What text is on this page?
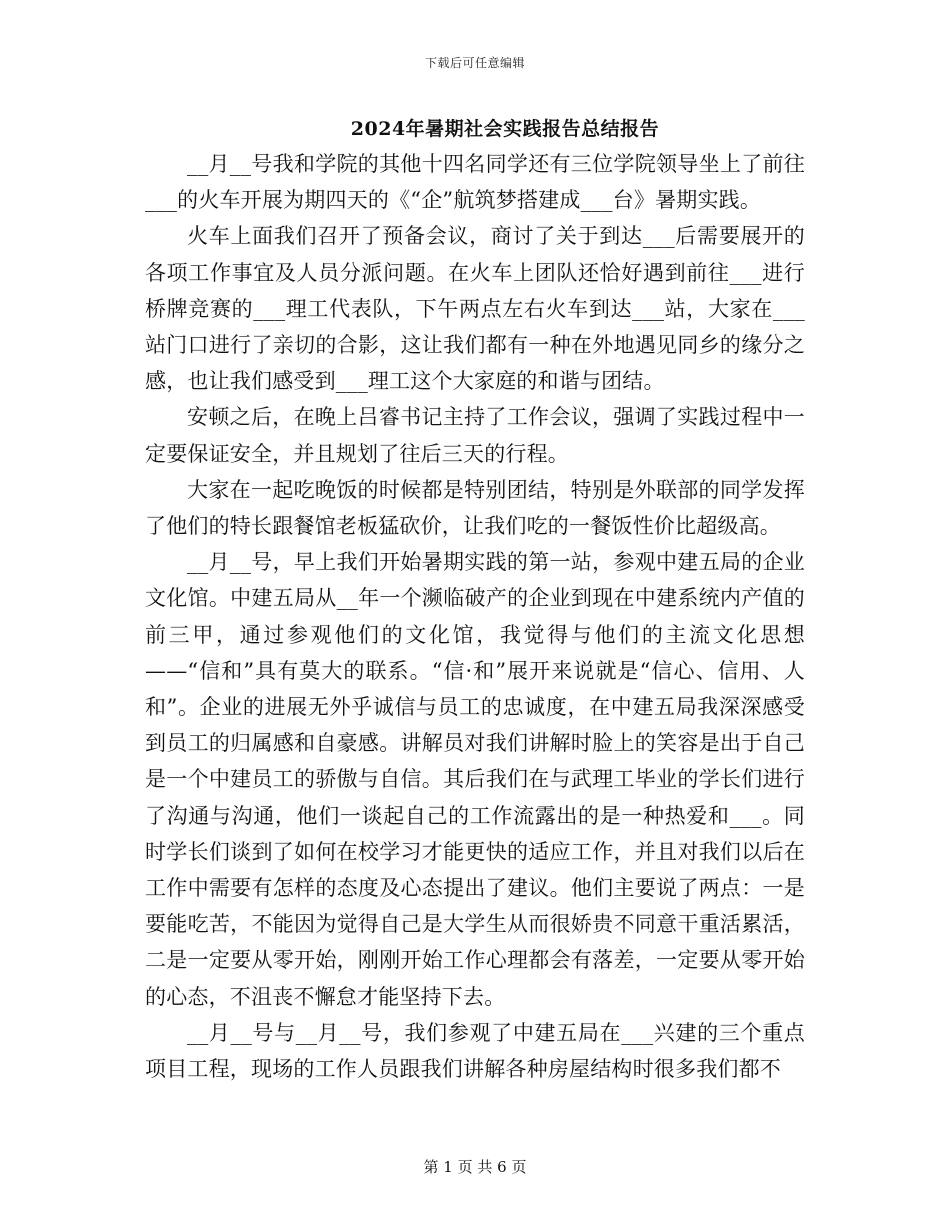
下载后可任意编辑
2024年暑期社会实践报告总结报告

__月__号我和学院的其他十四名同学还有三位学院领导坐上了前往___的火车开展为期四天的《“企”航筑梦搭建成___台》暑期实践。

火车上面我们召开了预备会议，商讨了关于到达___后需要展开的各项工作事宜及人员分派问题。在火车上团队还恰好遇到前往___进行桥牌竞赛的___理工代表队，下午两点左右火车到达___站，大家在___站门口进行了亲切的合影，这让我们都有一种在外地遇见同乡的缘分之感，也让我们感受到___理工这个大家庭的和谐与团结。

安顿之后，在晚上吕睿书记主持了工作会议，强调了实践过程中一定要保证安全，并且规划了往后三天的行程。

大家在一起吃晚饭的时候都是特别团结，特别是外联部的同学发挥了他们的特长跟餐馆老板猛砍价，让我们吃的一餐饭性价比超级高。

__月__号，早上我们开始暑期实践的第一站，参观中建五局的企业文化馆。中建五局从__年一个濒临破产的企业到现在中建系统内产值的前三甲，通过参观他们的文化馆，我觉得与他们的主流文化思想——“信和”具有莫大的联系。“信·和”展开来说就是“信心、信用、人和”。企业的进展无外乎诚信与员工的忠诚度，在中建五局我深深感受到员工的归属感和自豪感。讲解员对我们讲解时脸上的笑容是出于自己是一个中建员工的骄傲与自信。其后我们在与武理工毕业的学长们进行了沟通与沟通，他们一谈起自己的工作流露出的是一种热爱和___。同时学长们谈到了如何在校学习才能更快的适应工作，并且对我们以后在工作中需要有怎样的态度及心态提出了建议。他们主要说了两点：一是要能吃苦，不能因为觉得自己是大学生从而很娇贵不同意干重活累活，二是一定要从零开始，刚刚开始工作心理都会有落差，一定要从零开始的心态，不沮丧不懈怠才能坚持下去。

__月__号与__月__号，我们参观了中建五局在___兴建的三个重点项目工程，现场的工作人员跟我们讲解各种房屋结构时很多我们都不

第 1 页 共 6 页
